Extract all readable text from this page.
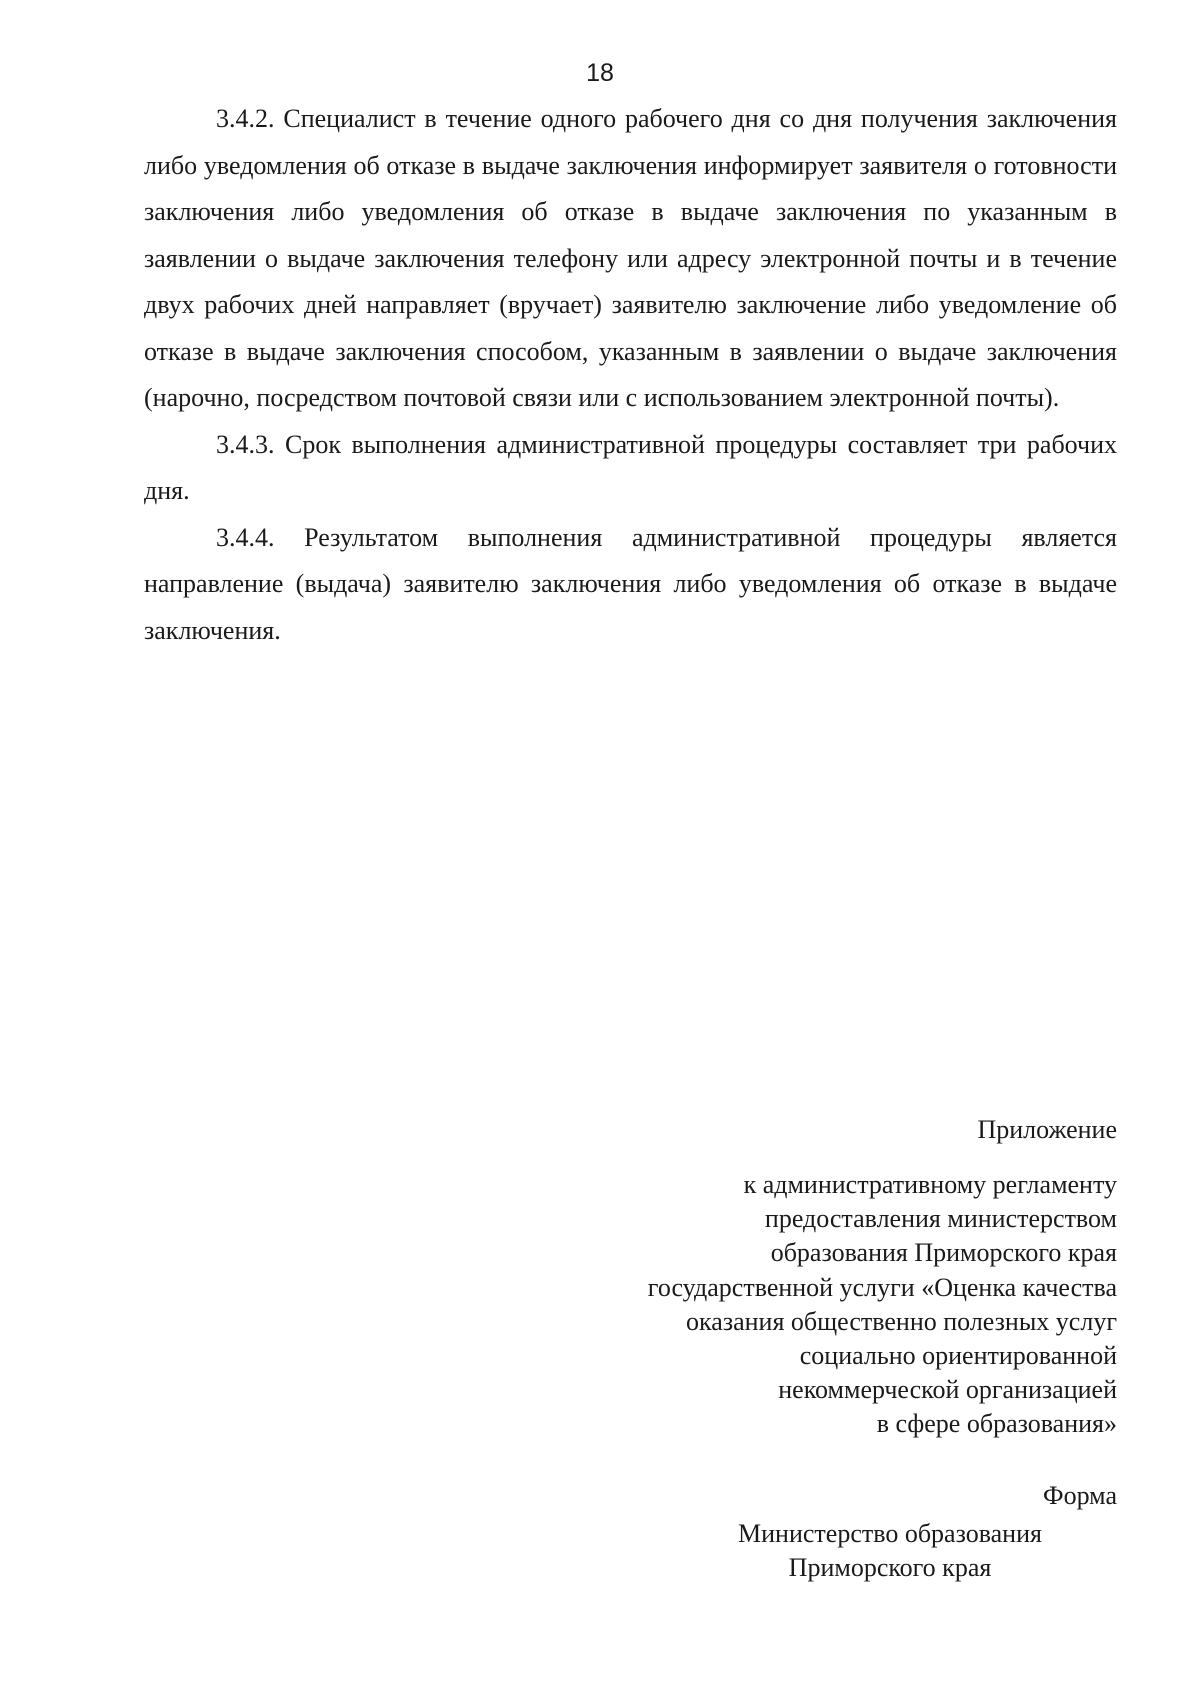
18

3.4.2. Специалист в течение одного рабочего дня со дня получения заключения либо уведомления об отказе в выдаче заключения информирует заявителя о готовности заключения либо уведомления об отказе в выдаче заключения по указанным в заявлении о выдаче заключения телефону или адресу электронной почты и в течение двух рабочих дней направляет (вручает) заявителю заключение либо уведомление об отказе в выдаче заключения способом, указанным в заявлении о выдаче заключения (нарочно, посредством почтовой связи или с использованием электронной почты).

3.4.3. Срок выполнения административной процедуры составляет три рабочих дня.

3.4.4. Результатом выполнения административной процедуры является направление (выдача) заявителю заключения либо уведомления об отказе в выдаче заключения.

Приложение

к административному регламенту

предоставления министерством

образования Приморского края

государственной услуги «Оценка качества

оказания общественно полезных услуг

социально ориентированной

некоммерческой организацией

в сфере образования»

Форма

Министерство образования

Приморского края
